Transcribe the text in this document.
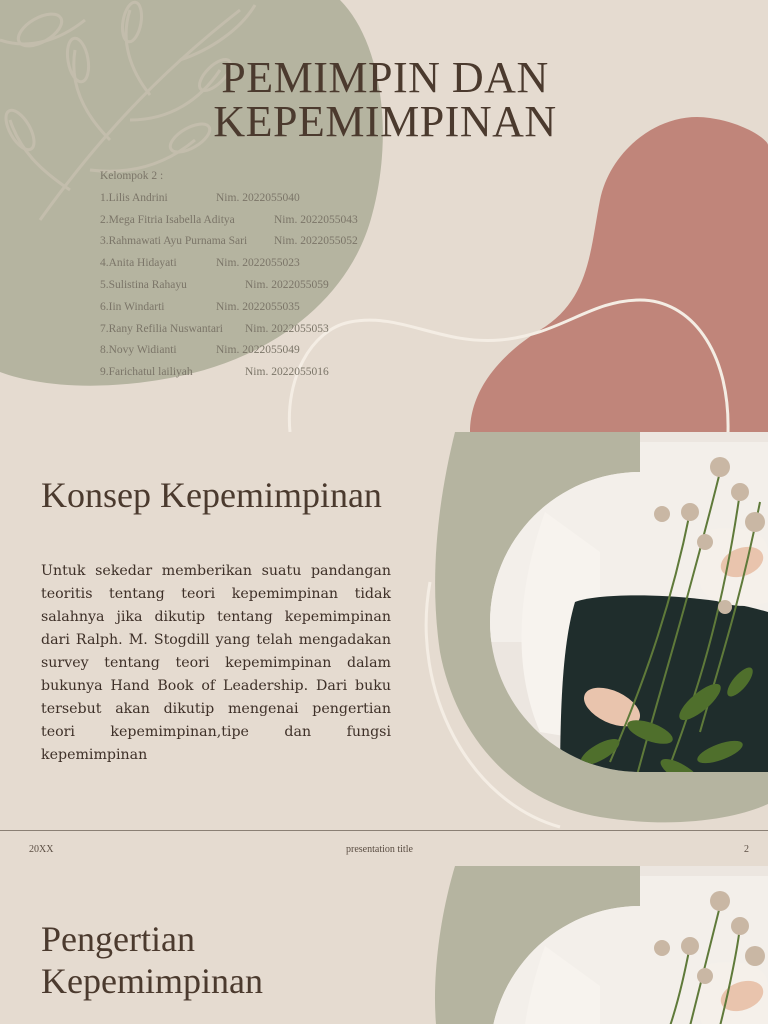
PEMIMPIN DAN
KEPEMIMPINAN
Kelompok 2 :
1.Lilis Andrini	Nim. 2022055040
2.Mega Fitria Isabella Aditya	Nim. 2022055043
3.Rahmawati Ayu Purnama Sari Nim. 2022055052
4.Anita Hidayati	Nim. 2022055023
5.Sulistina Rahayu	Nim. 2022055059
6.Iin Windarti	Nim. 2022055035
7.Rany Refilia Nuswantari Nim. 2022055053
8.Novy Widianti	Nim. 2022055049
9.Farichatul lailiyah	Nim. 2022055016
Konsep Kepemimpinan
Untuk sekedar memberikan suatu pandangan teoritis tentang teori kepemimpinan tidak salahnya jika dikutip tentang kepemimpinan dari Ralph. M. Stogdill yang telah mengadakan survey tentang teori kepemimpinan dalam bukunya Hand Book of Leadership. Dari buku tersebut akan dikutip mengenai pengertian teori kepemimpinan,tipe dan fungsi kepemimpinan
20XX	presentation title	2
Pengertian
Kepemimpinan
